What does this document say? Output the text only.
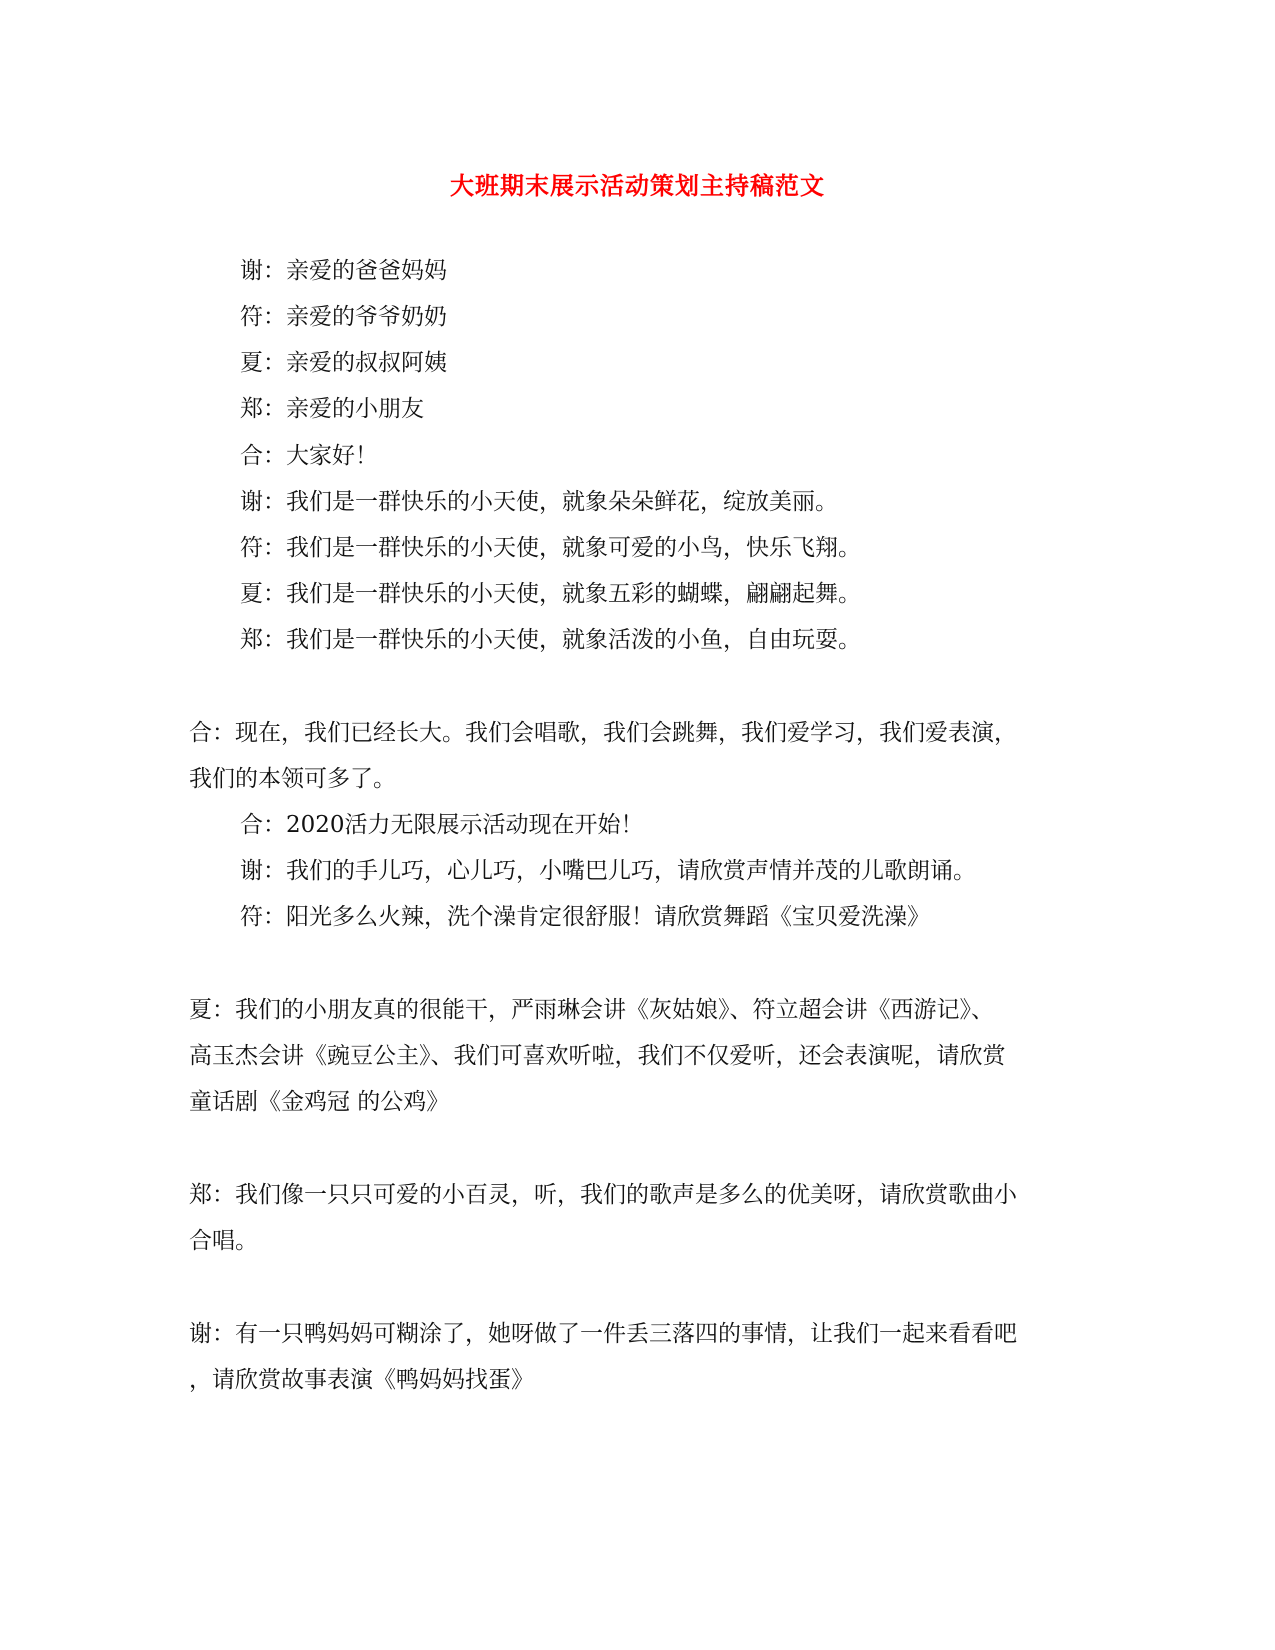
大班期末展示活动策划主持稿范文
谢：亲爱的爸爸妈妈
符：亲爱的爷爷奶奶
夏：亲爱的叔叔阿姨
郑：亲爱的小朋友
合：大家好！
谢：我们是一群快乐的小天使，就象朵朵鲜花，绽放美丽。
符：我们是一群快乐的小天使，就象可爱的小鸟，快乐飞翔。
夏：我们是一群快乐的小天使，就象五彩的蝴蝶，翩翩起舞。
郑：我们是一群快乐的小天使，就象活泼的小鱼，自由玩耍。
合：现在，我们已经长大。我们会唱歌，我们会跳舞，我们爱学习，我们爱表演，
我们的本领可多了。
合：2020活力无限展示活动现在开始！
谢：我们的手儿巧，心儿巧，小嘴巴儿巧，请欣赏声情并茂的儿歌朗诵。
符：阳光多么火辣，洗个澡肯定很舒服！请欣赏舞蹈《宝贝爱洗澡》
夏：我们的小朋友真的很能干，严雨琳会讲《灰姑娘》、符立超会讲《西游记》、
高玉杰会讲《豌豆公主》、我们可喜欢听啦，我们不仅爱听，还会表演呢，请欣赏
童话剧《金鸡冠 的公鸡》
郑：我们像一只只可爱的小百灵，听，我们的歌声是多么的优美呀，请欣赏歌曲小
合唱。
谢：有一只鸭妈妈可糊涂了，她呀做了一件丢三落四的事情，让我们一起来看看吧
，请欣赏故事表演《鸭妈妈找蛋》
